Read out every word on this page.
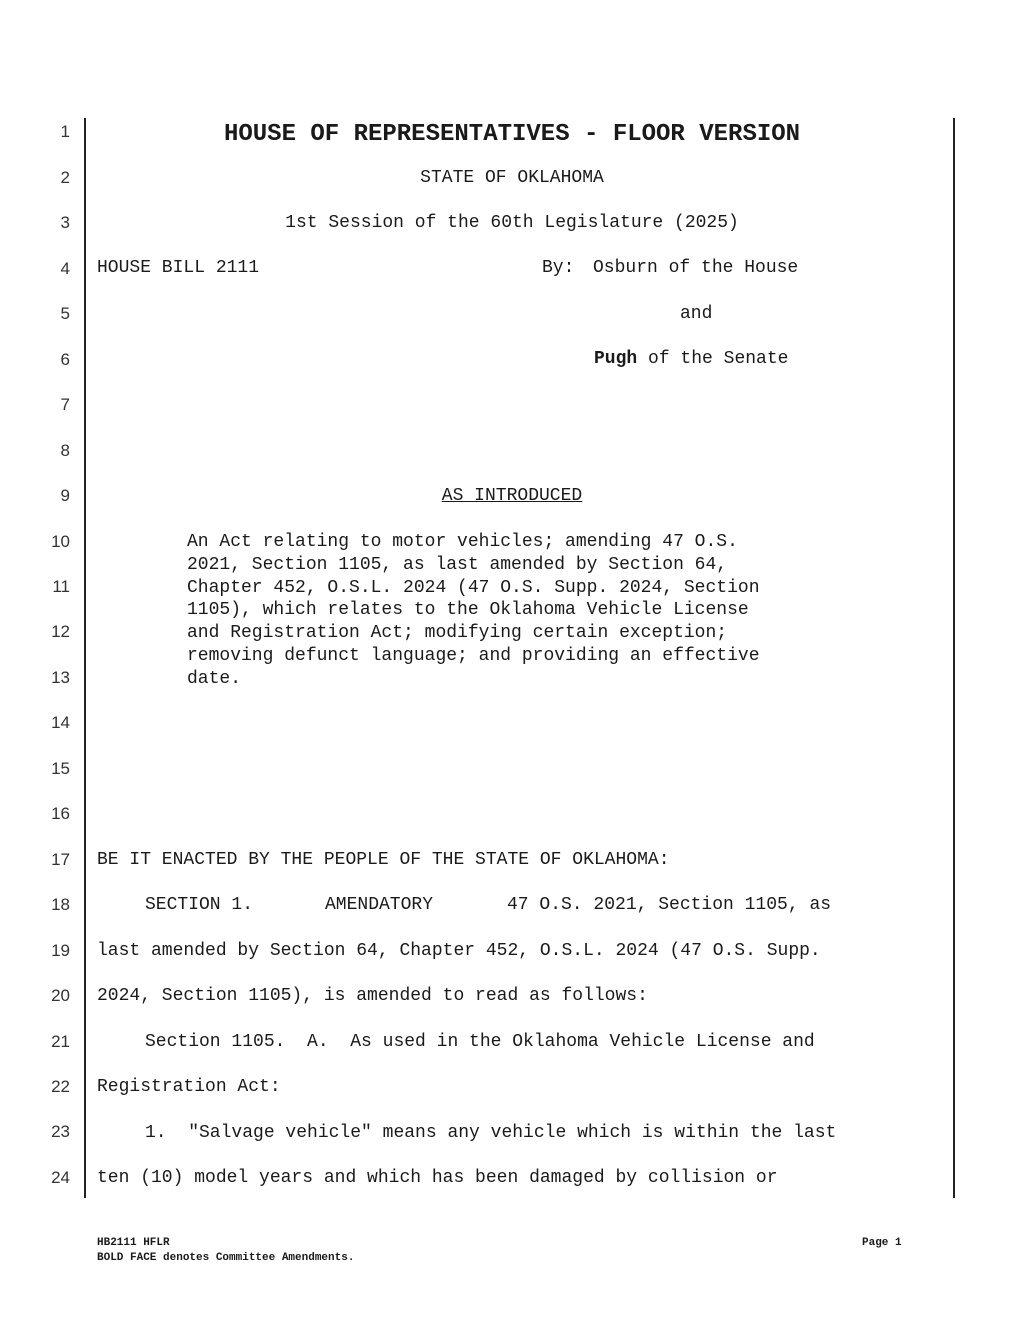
1
2
3
4
5
6
7
8
9
10
11
12
13
14
15
16
17
18
19
20
21
22
23
24
HOUSE OF REPRESENTATIVES - FLOOR VERSION
STATE OF OKLAHOMA
1st Session of the 60th Legislature (2025)
HOUSE BILL 2111	By: Osburn of the House
and
Pugh of the Senate
AS INTRODUCED
An Act relating to motor vehicles; amending 47 O.S.
2021, Section 1105, as last amended by Section 64,
Chapter 452, O.S.L. 2024 (47 O.S. Supp. 2024, Section
1105), which relates to the Oklahoma Vehicle License
and Registration Act; modifying certain exception;
removing defunct language; and providing an effective
date.
BE IT ENACTED BY THE PEOPLE OF THE STATE OF OKLAHOMA:
SECTION 1.	AMENDATORY	47 O.S. 2021, Section 1105, as
last amended by Section 64, Chapter 452, O.S.L. 2024 (47 O.S. Supp.
2024, Section 1105), is amended to read as follows:
Section 1105.  A.  As used in the Oklahoma Vehicle License and
Registration Act:
1.  "Salvage vehicle" means any vehicle which is within the last
ten (10) model years and which has been damaged by collision or
HB2111 HFLR
BOLD FACE denotes Committee Amendments.
Page 1
